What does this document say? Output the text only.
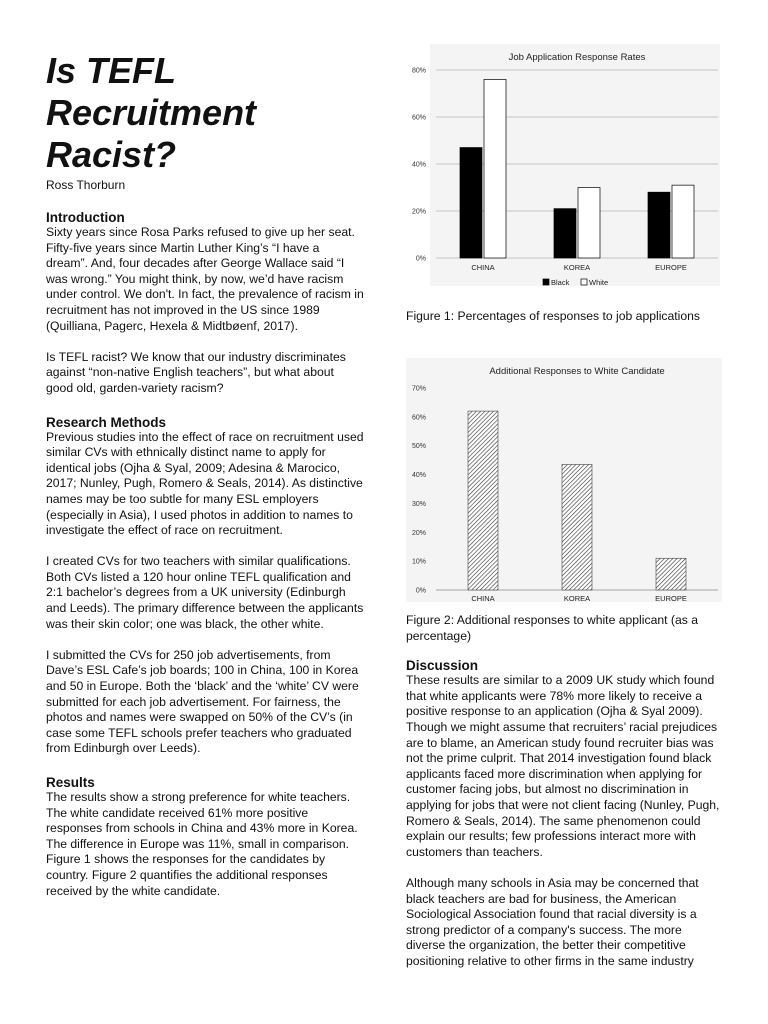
Is TEFL
Recruitment
Racist?
Ross Thorburn
Introduction

Sixty years since Rosa Parks refused to give up her seat. Fifty-five years since Martin Luther King’s “I have a dream”. And, four decades after George Wallace said “I was wrong.” You might think, by now, we’d have racism under control. We don't. In fact, the prevalence of racism in recruitment has not improved in the US since 1989 (Quilliana, Pagerc, Hexela & Midtbøenf, 2017).

Is TEFL racist? We know that our industry discriminates against “non-native English teachers”, but what about good old, garden-variety racism?

Research Methods

Previous studies into the effect of race on recruitment used similar CVs with ethnically distinct name to apply for identical jobs (Ojha & Syal, 2009; Adesina & Marocico, 2017; Nunley, Pugh, Romero & Seals, 2014). As distinctive names may be too subtle for many ESL employers (especially in Asia), I used photos in addition to names to investigate the effect of race on recruitment.

I created CVs for two teachers with similar qualifications. Both CVs listed a 120 hour online TEFL qualification and 2:1 bachelor’s degrees from a UK university (Edinburgh and Leeds). The primary difference between the applicants was their skin color; one was black, the other white.

I submitted the CVs for 250 job advertisements, from Dave’s ESL Cafe’s job boards; 100 in China, 100 in Korea and 50 in Europe. Both the ‘black’ and the ‘white’ CV were submitted for each job advertisement. For fairness, the photos and names were swapped on 50% of the CV’s (in case some TEFL schools prefer teachers who graduated from Edinburgh over Leeds).

Results

The results show a strong preference for white teachers. The white candidate received 61% more positive responses from schools in China and 43% more in Korea. The difference in Europe was 11%, small in comparison. Figure 1 shows the responses for the candidates by country. Figure 2 quantifies the additional responses received by the white candidate.

Job Application Response Rates
0%
20%
40%
60%
80%
CHINA	KOREA	EUROPE
Black	White
Figure 1: Percentages of responses to job applications
Additional Responses to White Candidate
0%
10%
20%
30%
40%
50%
60%
70%
CHINA	KOREA	EUROPE
Figure 2: Additional responses to white applicant (as a percentage)
Discussion

These results are similar to a 2009 UK study which found that white applicants were 78% more likely to receive a positive response to an application (Ojha & Syal 2009). Though we might assume that recruiters’ racial prejudices are to blame, an American study found recruiter bias was not the prime culprit. That 2014 investigation found black applicants faced more discrimination when applying for customer facing jobs, but almost no discrimination in applying for jobs that were not client facing (Nunley, Pugh, Romero & Seals, 2014). The same phenomenon could explain our results; few professions interact more with customers than teachers.

Although many schools in Asia may be concerned that black teachers are bad for business, the American Sociological Association found that racial diversity is a strong predictor of a company's success. The more diverse the organization, the better their competitive positioning relative to other firms in the same industry
